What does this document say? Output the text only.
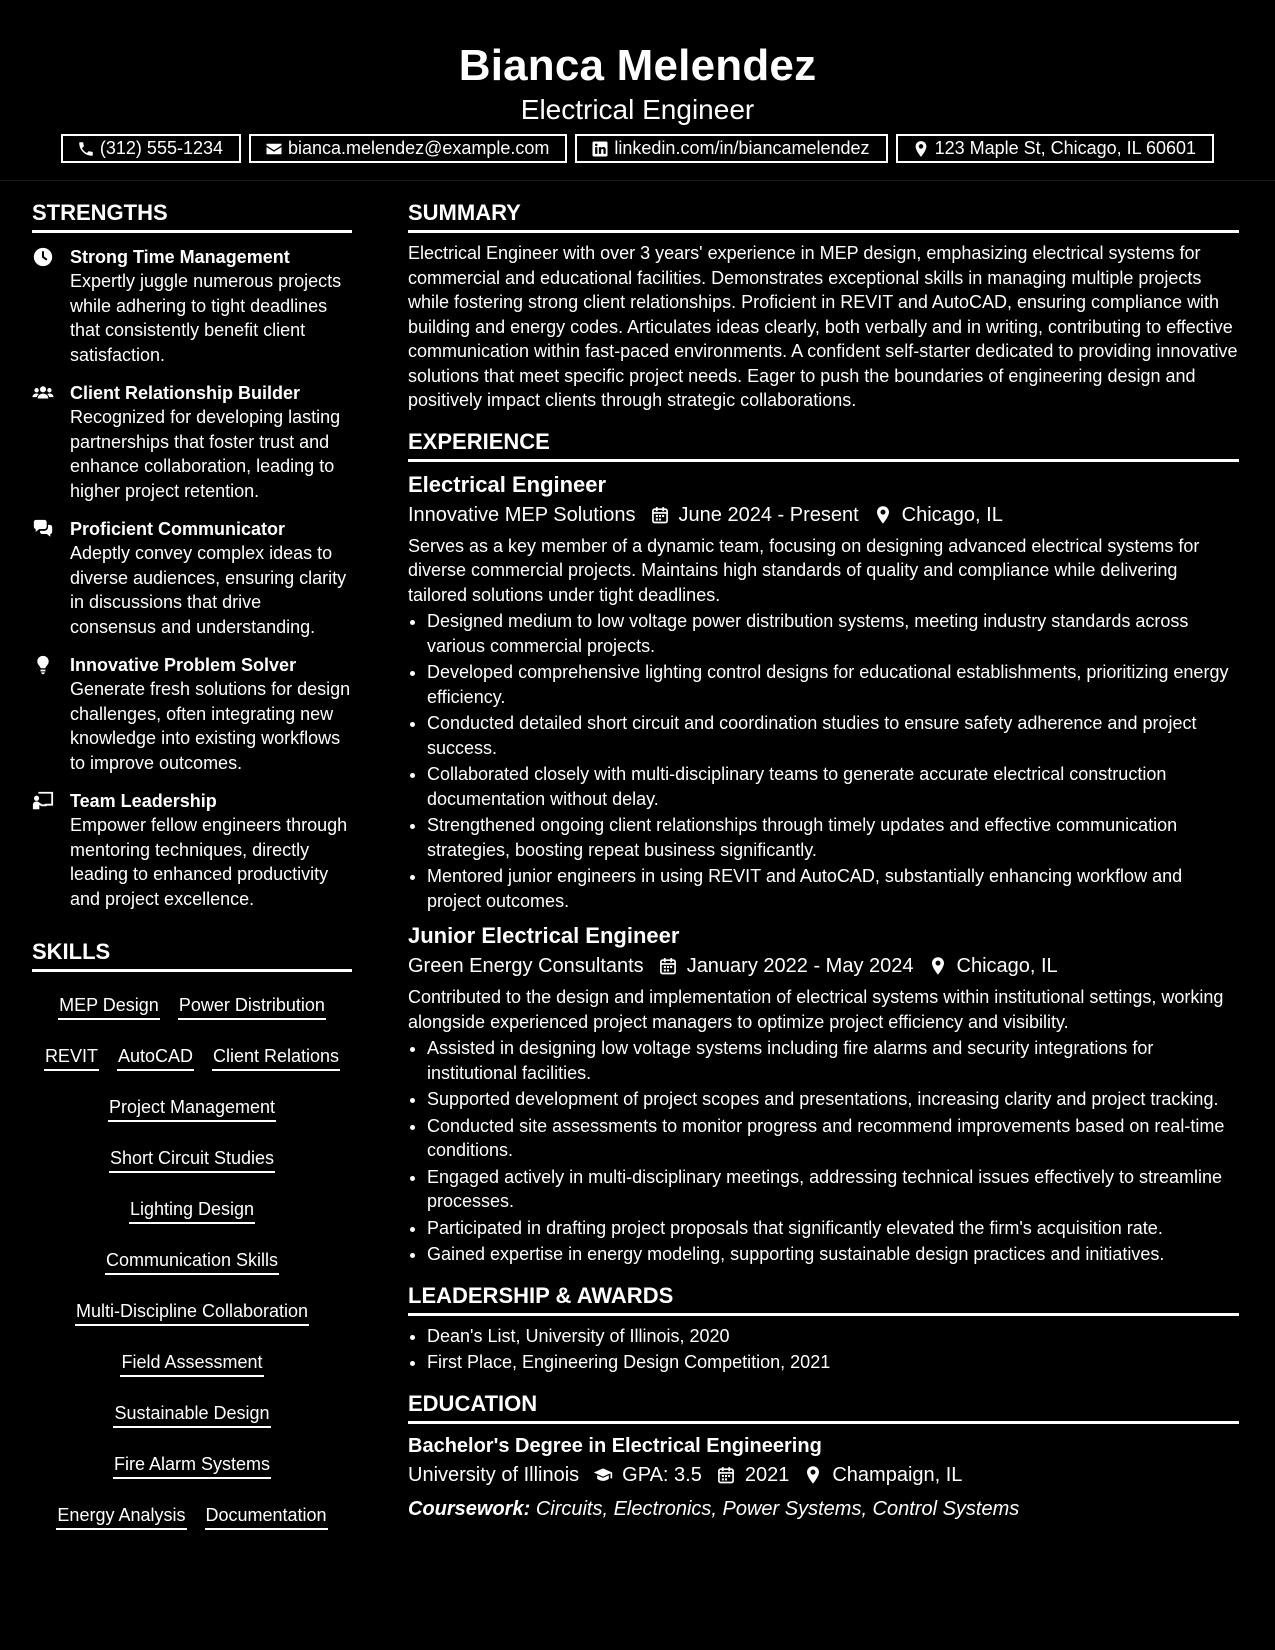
Bianca Melendez
Electrical Engineer
(312) 555-1234	bianca.melendez@example.com	linkedin.com/in/biancamelendez	123 Maple St, Chicago, IL 60601
STRENGTHS
Strong Time Management
Expertly juggle numerous projects while adhering to tight deadlines that consistently benefit client satisfaction.
Client Relationship Builder
Recognized for developing lasting partnerships that foster trust and enhance collaboration, leading to higher project retention.
Proficient Communicator
Adeptly convey complex ideas to diverse audiences, ensuring clarity in discussions that drive consensus and understanding.
Innovative Problem Solver
Generate fresh solutions for design challenges, often integrating new knowledge into existing workflows to improve outcomes.
Team Leadership
Empower fellow engineers through mentoring techniques, directly leading to enhanced productivity and project excellence.
SKILLS
MEP Design Power Distribution
REVIT AutoCAD Client Relations
Project Management
Short Circuit Studies
Lighting Design
Communication Skills
Multi-Discipline Collaboration
Field Assessment
Sustainable Design
Fire Alarm Systems
Energy Analysis Documentation
SUMMARY
Electrical Engineer with over 3 years' experience in MEP design, emphasizing electrical systems for commercial and educational facilities. Demonstrates exceptional skills in managing multiple projects while fostering strong client relationships. Proficient in REVIT and AutoCAD, ensuring compliance with building and energy codes. Articulates ideas clearly, both verbally and in writing, contributing to effective communication within fast-paced environments. A confident self-starter dedicated to providing innovative solutions that meet specific project needs. Eager to push the boundaries of engineering design and positively impact clients through strategic collaborations.
EXPERIENCE
Electrical Engineer
Innovative MEP Solutions June 2024 - Present Chicago, IL
Serves as a key member of a dynamic team, focusing on designing advanced electrical systems for diverse commercial projects. Maintains high standards of quality and compliance while delivering tailored solutions under tight deadlines.
• Designed medium to low voltage power distribution systems, meeting industry standards across various commercial projects.
• Developed comprehensive lighting control designs for educational establishments, prioritizing energy efficiency.
• Conducted detailed short circuit and coordination studies to ensure safety adherence and project success.
• Collaborated closely with multi-disciplinary teams to generate accurate electrical construction documentation without delay.
• Strengthened ongoing client relationships through timely updates and effective communication strategies, boosting repeat business significantly.
• Mentored junior engineers in using REVIT and AutoCAD, substantially enhancing workflow and project outcomes.
Junior Electrical Engineer
Green Energy Consultants January 2022 - May 2024 Chicago, IL
Contributed to the design and implementation of electrical systems within institutional settings, working alongside experienced project managers to optimize project efficiency and visibility.
• Assisted in designing low voltage systems including fire alarms and security integrations for institutional facilities.
• Supported development of project scopes and presentations, increasing clarity and project tracking.
• Conducted site assessments to monitor progress and recommend improvements based on real-time conditions.
• Engaged actively in multi-disciplinary meetings, addressing technical issues effectively to streamline processes.
• Participated in drafting project proposals that significantly elevated the firm's acquisition rate.
• Gained expertise in energy modeling, supporting sustainable design practices and initiatives.
LEADERSHIP & AWARDS
• Dean's List, University of Illinois, 2020
• First Place, Engineering Design Competition, 2021
EDUCATION
Bachelor's Degree in Electrical Engineering
University of Illinois GPA: 3.5 2021 Champaign, IL
Coursework: Circuits, Electronics, Power Systems, Control Systems
